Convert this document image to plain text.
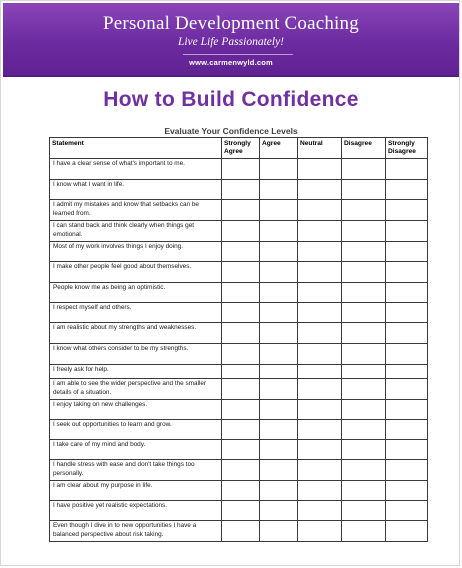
Personal Development Coaching
Live Life Passionately!
www.carmenwyld.com
How to Build Confidence
Evaluate Your Confidence Levels
Statement	Strongly Agree	Agree	Neutral	Disagree	Strongly Disagree
I have a clear sense of what's important to me.					
I know what I want in life.					
I admit my mistakes and know that setbacks can be learned from.					
I can stand back and think clearly when things get emotional.					
Most of my work involves things I enjoy doing.					
I make other people feel good about themselves.					
People know me as being an optimistic.					
I respect myself and others.					
I am realistic about my strengths and weaknesses.					
I know what others consider to be my strengths.					
I freely ask for help.					
I am able to see the wider perspective and the smaller details of a situation.					
I enjoy taking on new challenges.					
I seek out opportunities to learn and grow.					
I take care of my mind and body.					
I handle stress with ease and don't take things too personally.					
I am clear about my purpose in life.					
I have positive yet realistic expectations.					
Even though I dive in to new opportunities I have a balanced perspective about risk taking.					
